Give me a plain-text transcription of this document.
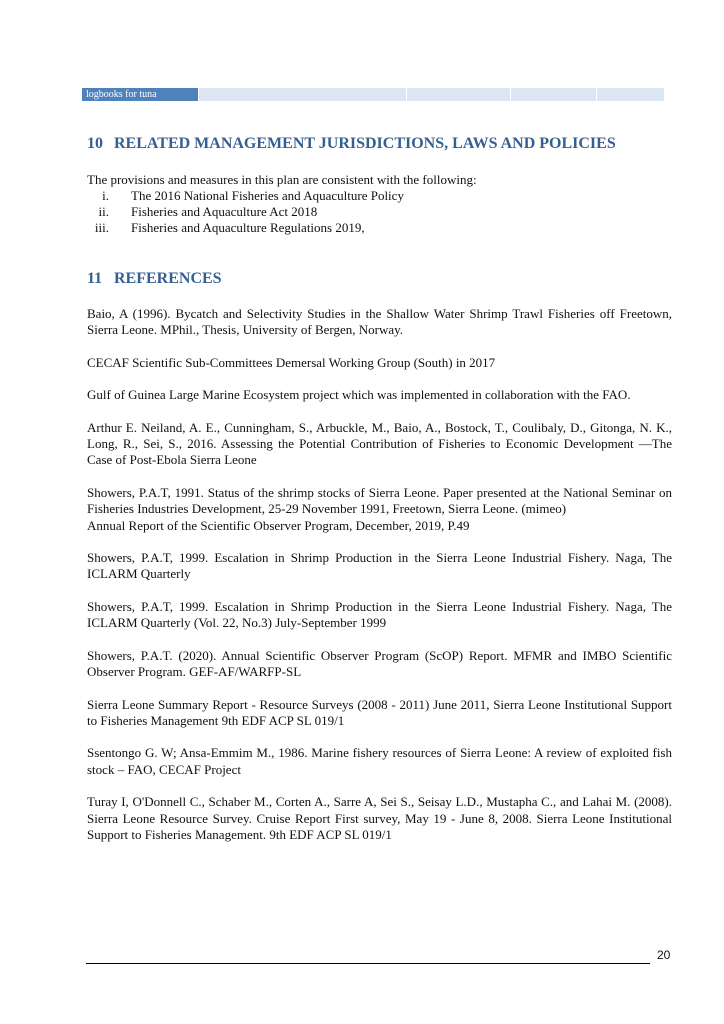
logbooks for tuna
10 RELATED MANAGEMENT JURISDICTIONS, LAWS AND POLICIES
The provisions and measures in this plan are consistent with the following:
i. The 2016 National Fisheries and Aquaculture Policy
ii. Fisheries and Aquaculture Act 2018
iii. Fisheries and Aquaculture Regulations 2019,
11 REFERENCES

Baio, A (1996). Bycatch and Selectivity Studies in the Shallow Water Shrimp Trawl Fisheries off Freetown, Sierra Leone. MPhil., Thesis, University of Bergen, Norway.

CECAF Scientific Sub-Committees Demersal Working Group (South) in 2017

Gulf of Guinea Large Marine Ecosystem project which was implemented in collaboration with the FAO.

Arthur E. Neiland, A. E., Cunningham, S., Arbuckle, M., Baio, A., Bostock, T., Coulibaly, D., Gitonga, N. K., Long, R., Sei, S., 2016. Assessing the Potential Contribution of Fisheries to Economic Development —The Case of Post-Ebola Sierra Leone

Showers, P.A.T, 1991. Status of the shrimp stocks of Sierra Leone. Paper presented at the National Seminar on Fisheries Industries Development, 25-29 November 1991, Freetown, Sierra Leone. (mimeo)

Annual Report of the Scientific Observer Program, December, 2019, P.49

Showers, P.A.T, 1999. Escalation in Shrimp Production in the Sierra Leone Industrial Fishery. Naga, The ICLARM Quarterly

Showers, P.A.T, 1999. Escalation in Shrimp Production in the Sierra Leone Industrial Fishery. Naga, The ICLARM Quarterly (Vol. 22, No.3) July-September 1999

Showers, P.A.T. (2020). Annual Scientific Observer Program (ScOP) Report. MFMR and IMBO Scientific Observer Program. GEF-AF/WARFP-SL

Sierra Leone Summary Report - Resource Surveys (2008 - 2011) June 2011, Sierra Leone Institutional Support to Fisheries Management 9th EDF ACP SL 019/1

Ssentongo G. W; Ansa-Emmim M., 1986. Marine fishery resources of Sierra Leone: A review of exploited fish stock – FAO, CECAF Project

Turay I, O'Donnell C., Schaber M., Corten A., Sarre A, Sei S., Seisay L.D., Mustapha C., and Lahai M. (2008). Sierra Leone Resource Survey. Cruise Report First survey, May 19 - June 8, 2008. Sierra Leone Institutional Support to Fisheries Management. 9th EDF ACP SL 019/1

20
